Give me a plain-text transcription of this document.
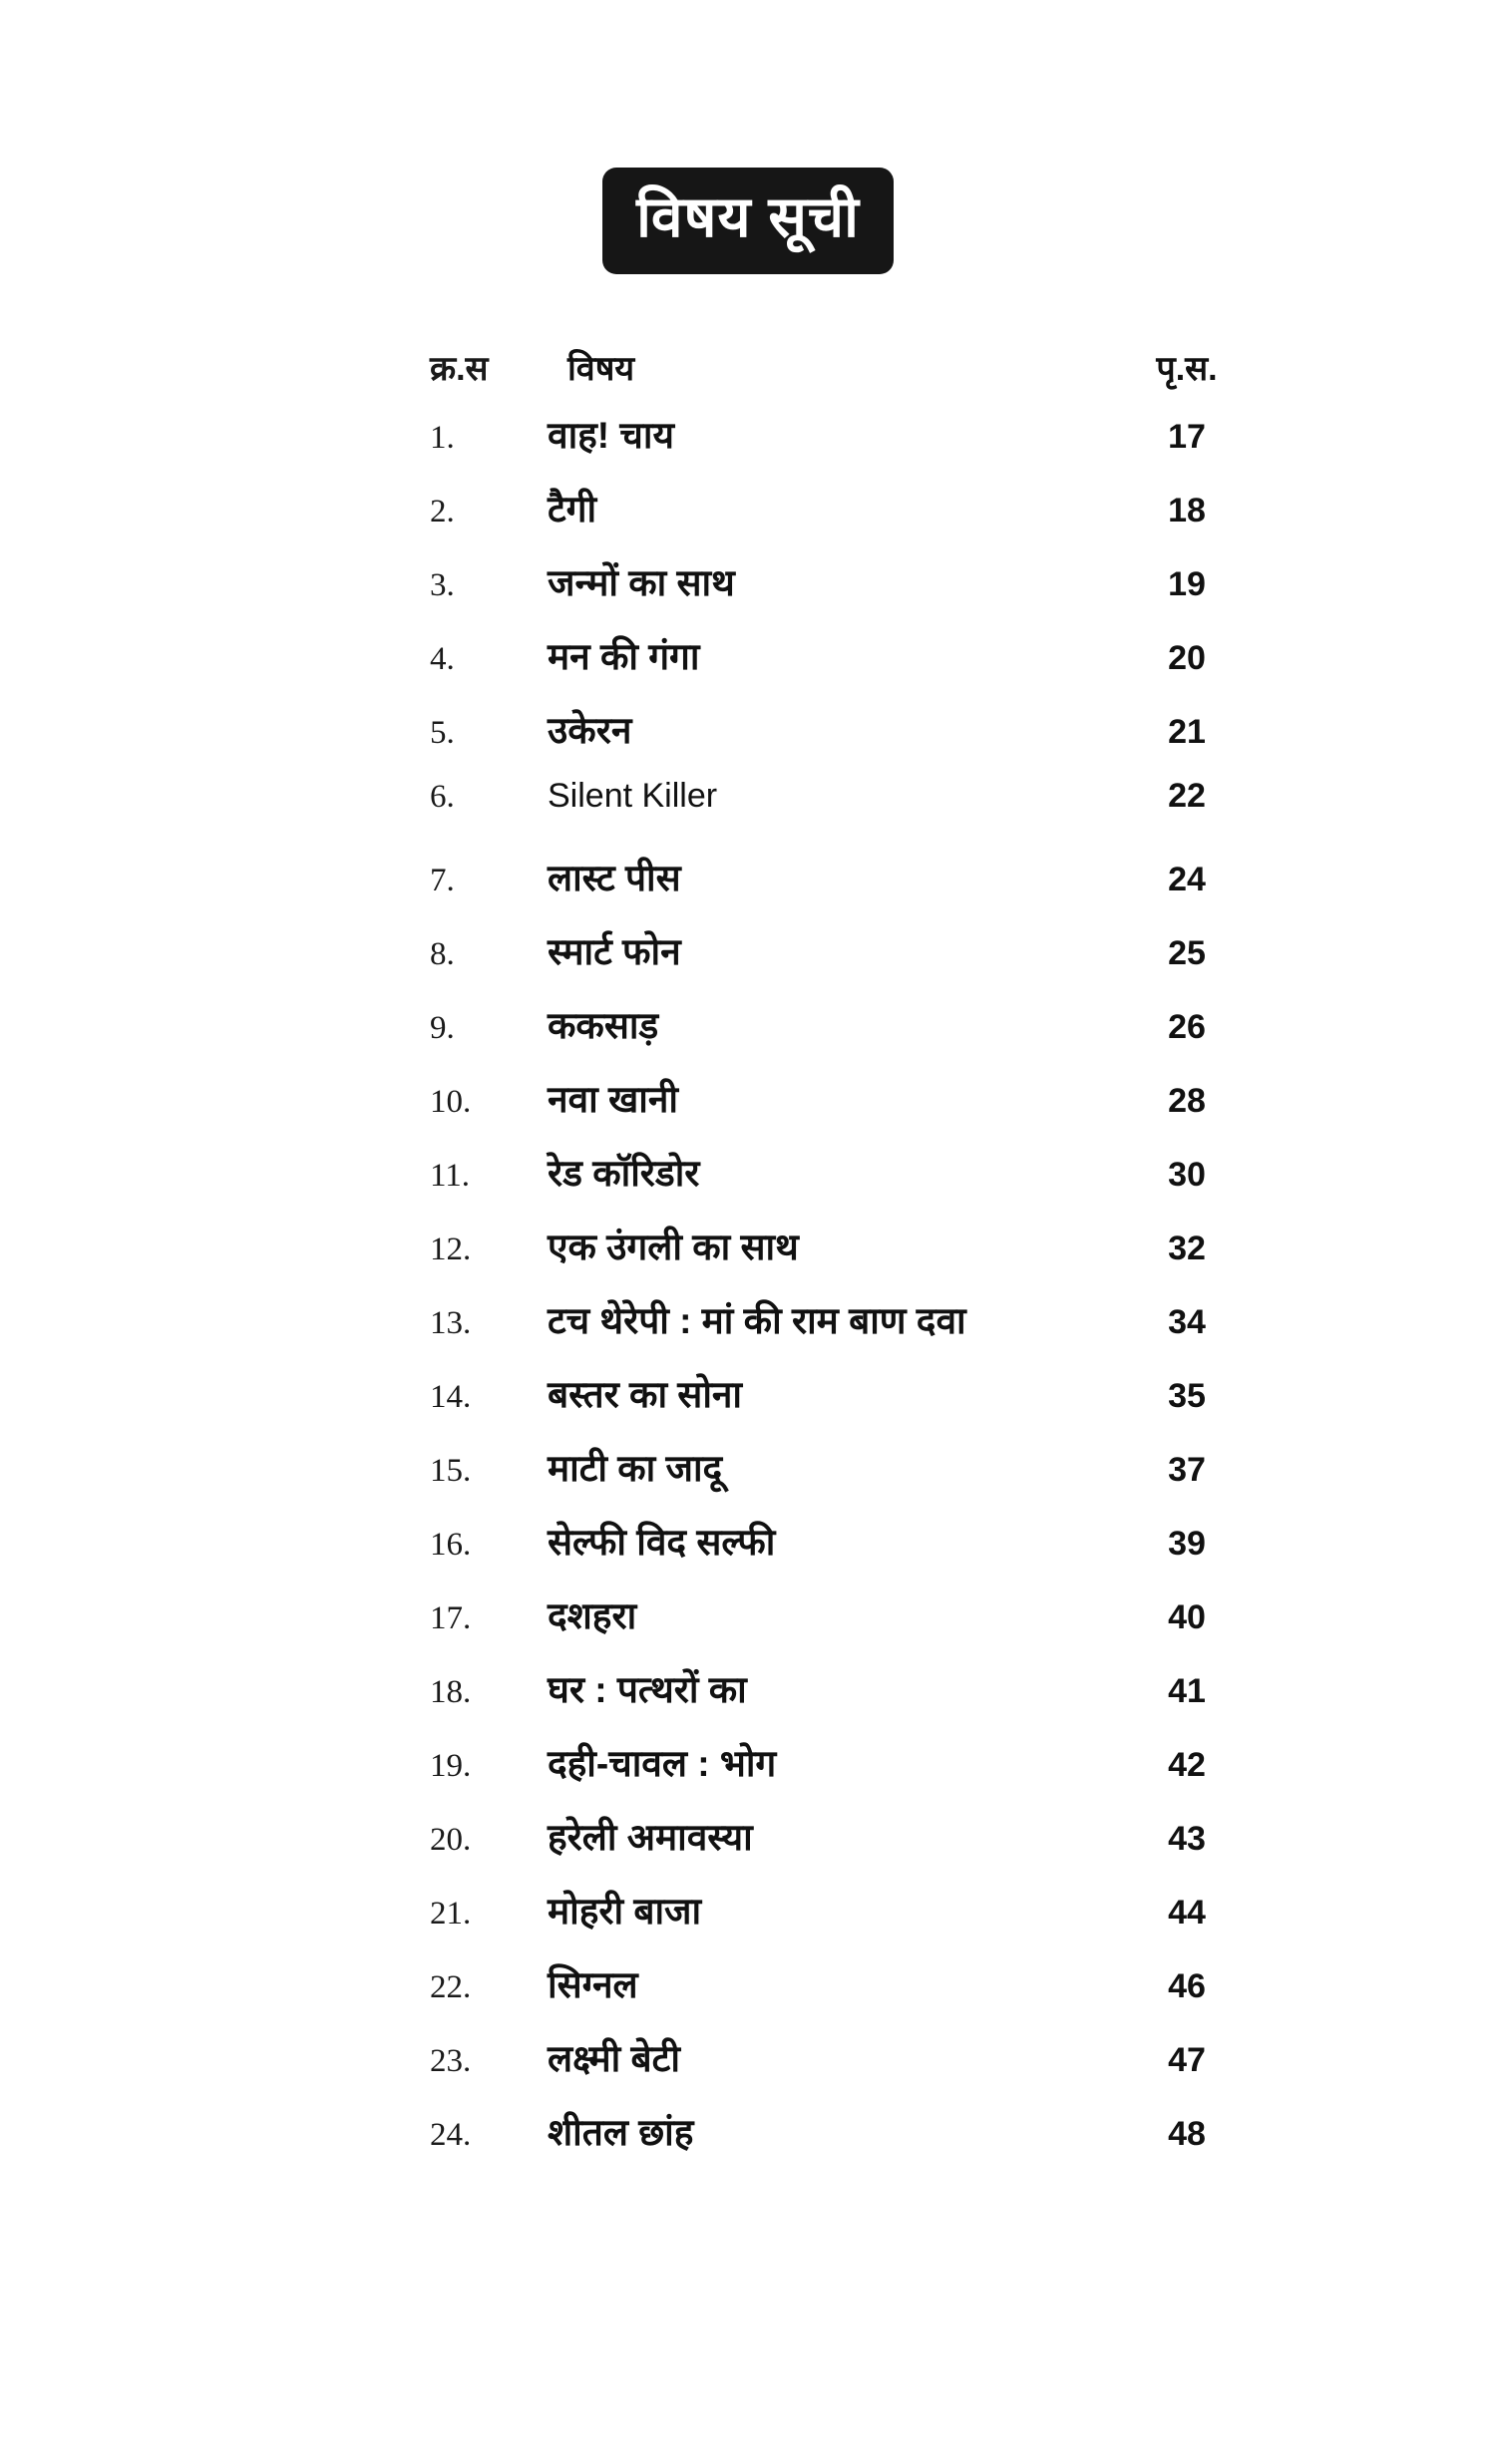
विषय सूची
क्र.स	विषय	पृ.स.
1.	वाह! चाय	17
2.	टैगी	18
3.	जन्मों का साथ	19
4.	मन की गंगा	20
5.	उकेरन	21
6.	Silent Killer	22
7.	लास्ट पीस	24
8.	स्मार्ट फोन	25
9.	ककसाड़	26
10.	नवा खानी	28
11.	रेड कॉरिडोर	30
12.	एक उंगली का साथ	32
13.	टच थेरेपी : मां की राम बाण दवा	34
14.	बस्तर का सोना	35
15.	माटी का जादू	37
16.	सेल्फी विद सल्फी	39
17.	दशहरा	40
18.	घर : पत्थरों का	41
19.	दही-चावल : भोग	42
20.	हरेली अमावस्या	43
21.	मोहरी बाजा	44
22.	सिग्नल	46
23.	लक्ष्मी बेटी	47
24.	शीतल छांह	48
